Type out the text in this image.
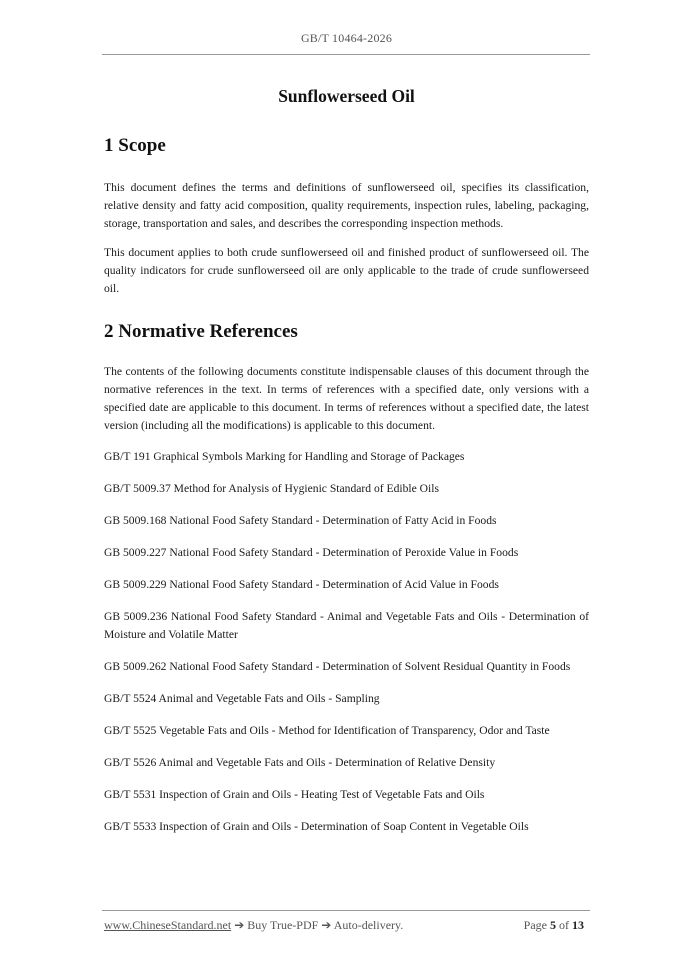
GB/T 10464-2026
Sunflowerseed Oil
1 Scope

This document defines the terms and definitions of sunflowerseed oil, specifies its classification, relative density and fatty acid composition, quality requirements, inspection rules, labeling, packaging, storage, transportation and sales, and describes the corresponding inspection methods.

This document applies to both crude sunflowerseed oil and finished product of sunflowerseed oil. The quality indicators for crude sunflowerseed oil are only applicable to the trade of crude sunflowerseed oil.

2 Normative References

The contents of the following documents constitute indispensable clauses of this document through the normative references in the text. In terms of references with a specified date, only versions with a specified date are applicable to this document. In terms of references without a specified date, the latest version (including all the modifications) is applicable to this document.

GB/T 191 Graphical Symbols Marking for Handling and Storage of Packages

GB/T 5009.37 Method for Analysis of Hygienic Standard of Edible Oils

GB 5009.168 National Food Safety Standard - Determination of Fatty Acid in Foods

GB 5009.227 National Food Safety Standard - Determination of Peroxide Value in Foods

GB 5009.229 National Food Safety Standard - Determination of Acid Value in Foods

GB 5009.236 National Food Safety Standard - Animal and Vegetable Fats and Oils - Determination of Moisture and Volatile Matter

GB 5009.262 National Food Safety Standard - Determination of Solvent Residual Quantity in Foods

GB/T 5524 Animal and Vegetable Fats and Oils - Sampling

GB/T 5525 Vegetable Fats and Oils - Method for Identification of Transparency, Odor and Taste

GB/T 5526 Animal and Vegetable Fats and Oils - Determination of Relative Density

GB/T 5531 Inspection of Grain and Oils - Heating Test of Vegetable Fats and Oils

GB/T 5533 Inspection of Grain and Oils - Determination of Soap Content in Vegetable Oils

www.ChineseStandard.net ➔ Buy True-PDF ➔ Auto-delivery.	Page 5 of 13
